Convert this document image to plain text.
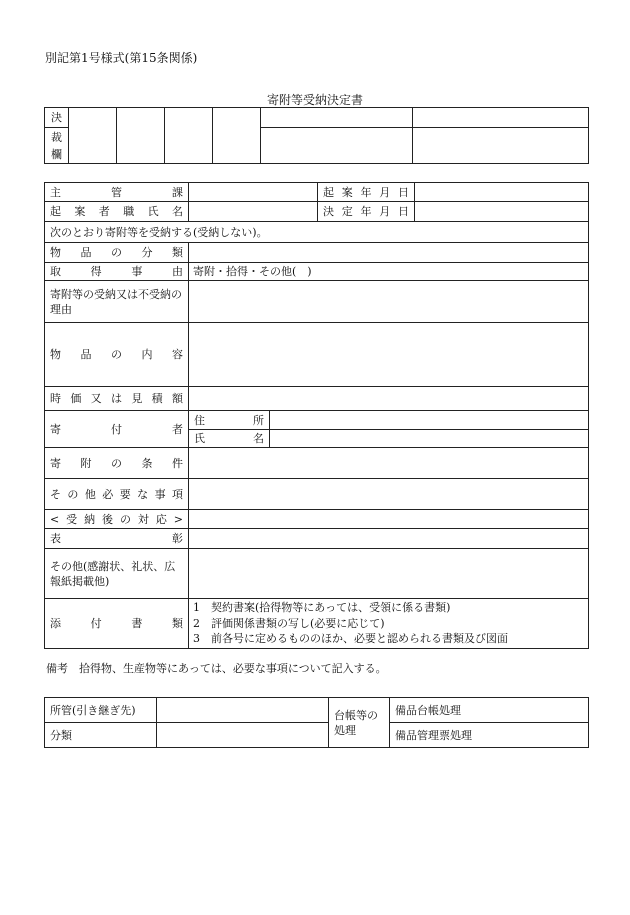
別記第1号様式(第15条関係)
寄附等受納決定書
決						

裁
欄						

主　管　課			起案年月日	
起案者職氏名			決定年月日	
次のとおり寄附等を受納する(受納しない)。				
物品の分類				
取得事由	寄附・拾得・その他(　)			
寄附等の受納又は不受納の理由				
物品の内容				
時価又は見積額				
寄付者	住所			
	氏名			
寄附の条件				
その他必要な事項				
<受納後の対応>				
表彰				
その他(感謝状、礼状、広報紙掲載他)				
添付書類	1　契約書案(拾得物等にあっては、受領に係る書類)
2　評価関係書類の写し(必要に応じて)
3　前各号に定めるもののほか、必要と認められる書類及び図面			
備考　拾得物、生産物等にあっては、必要な事項について記入する。
所管(引き継ぎ先)		台帳等の処理	備品台帳処理
分類			備品管理票処理
